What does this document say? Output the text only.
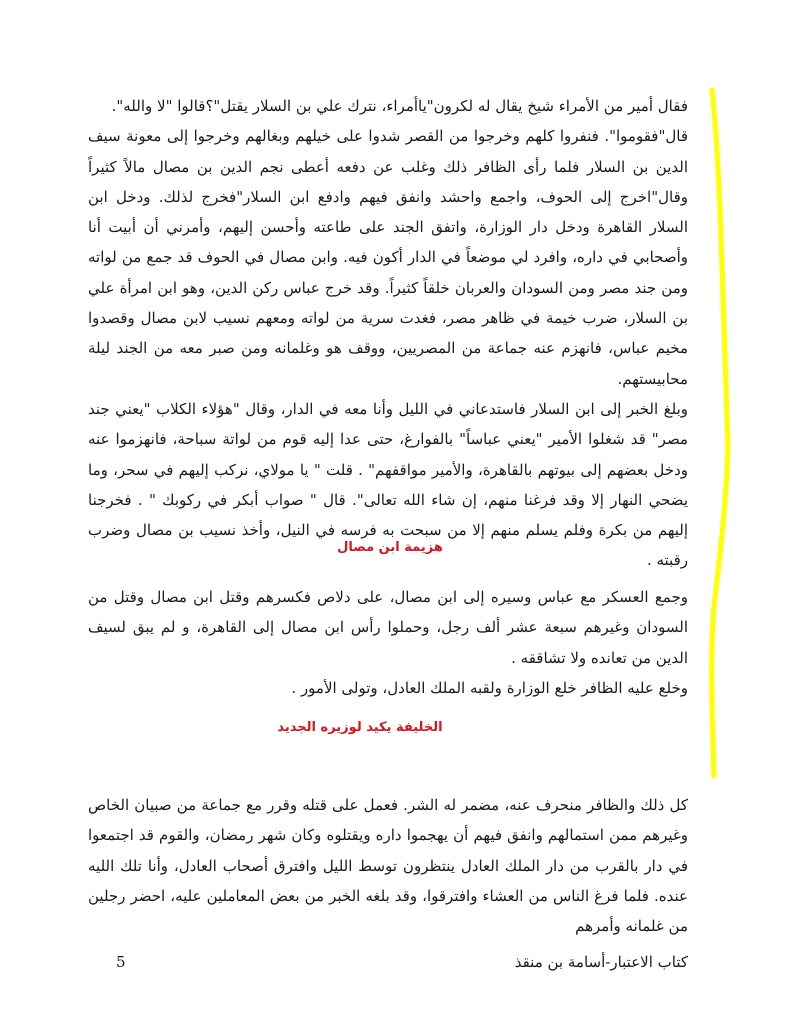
فقال أمير من الأمراء شيخ يقال له لكرون"ياأمراء، نترك علي بن السلار يقتل"؟قالوا "لا والله".

قال"فقوموا". فنفروا كلهم وخرجوا من القصر شدوا على خيلهم وبغالهم وخرجوا إلى معونة سيف الدين بن السلار فلما رأى الظافر ذلك وغلب عن دفعه أعطى نجم الدين بن مصال مالاً كثيراً وقال"اخرج إلى الحوف، واجمع واحشد وانفق فيهم وادفع ابن السلار"فخرج لذلك. ودخل ابن السلار القاهرة ودخل دار الوزارة، واتفق الجند على طاعته وأحسن إليهم، وأمرني أن أبيت أنا وأصحابي في داره، وافرد لي موضعاً في الدار أكون فيه. وابن مصال في الحوف قد جمع من لواته ومن جند مصر ومن السودان والعربان خلقاً كثيراً. وقد خرج عباس ركن الدين، وهو ابن امرأة علي بن السلار، ضرب خيمة في ظاهر مصر، فغدت سرية من لواته ومعهم نسيب لابن مصال وقصدوا مخيم عباس، فانهزم عنه جماعة من المصريين، ووقف هو وغلمانه ومن صبر معه من الجند ليلة محابيستهم.

وبلغ الخبر إلى ابن السلار فاستدعاني في الليل وأنا معه في الدار، وقال "هؤلاء الكلاب "يعني جند مصر" قد شغلوا الأمير "يعني عباساً" بالفوارغ، حتى عدا إليه قوم من لواتة سباحة، فانهزموا عنه ودخل بعضهم إلى بيوتهم بالقاهرة، والأمير مواقفهم" . قلت " يا مولاي، نركب إليهم في سحر، وما يضحي النهار إلا وقد فرغنا منهم، إن شاء الله تعالى". قال " صواب أبكر في ركوبك " . فخرجنا إليهم من بكرة وفلم يسلم منهم إلا من سبحت به فرسه في النيل، وأخذ نسيب بن مصال وضرب رقبته .

هزيمة ابن مصال

وجمع العسكر مع عباس وسيره إلى ابن مصال، على دلاص فكسرهم وقتل ابن مصال وقتل من السودان وغيرهم سبعة عشر ألف رجل، وحملوا رأس ابن مصال إلى القاهرة، و لم يبق لسيف الدين من تعانده ولا تشاققه .

وخلع عليه الظافر خلع الوزارة ولقبه الملك العادل، وتولى الأمور .

الخليفة يكيد لوزيره الجديد

كل ذلك والظافر منحرف عنه، مضمر له الشر. فعمل على قتله وقرر مع جماعة من صبيان الخاص وغيرهم ممن استمالهم وانفق فيهم أن يهجموا داره ويقتلوه وكان شهر رمضان، والقوم قد اجتمعوا في دار بالقرب من دار الملك العادل ينتظرون توسط الليل وافترق أصحاب العادل، وأنا تلك الليه عنده. فلما فرغ الناس من العشاء وافترقوا، وقد بلغه الخبر من بعض المعاملين عليه، احضر رجلين من غلمانه وأمرهم

5	كتاب الاعتبار-أسامة بن منقذ
